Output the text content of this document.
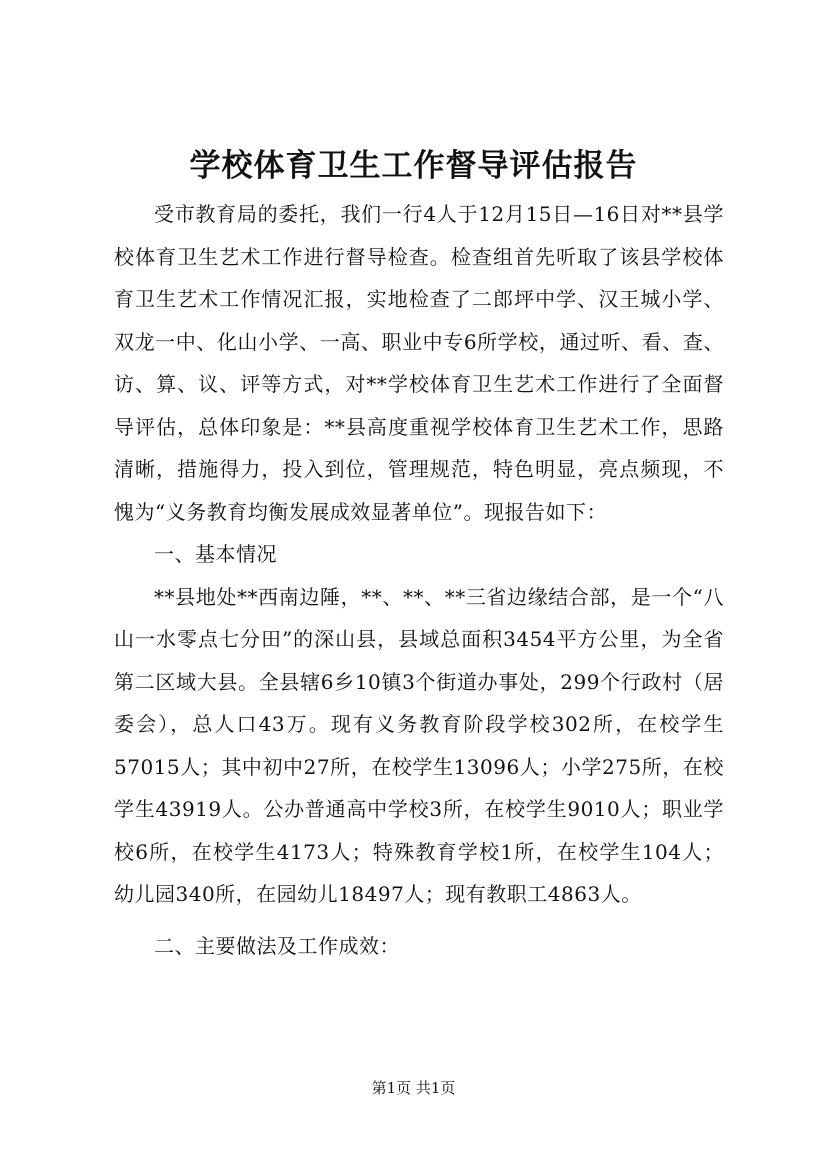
学校体育卫生工作督导评估报告

受市教育局的委托，我们一行4人于12月15日—16日对**县学校体育卫生艺术工作进行督导检查。检查组首先听取了该县学校体育卫生艺术工作情况汇报，实地检查了二郎坪中学、汉王城小学、双龙一中、化山小学、一高、职业中专6所学校，通过听、看、查、访、算、议、评等方式，对**学校体育卫生艺术工作进行了全面督导评估，总体印象是：**县高度重视学校体育卫生艺术工作，思路清晰，措施得力，投入到位，管理规范，特色明显，亮点频现，不愧为“义务教育均衡发展成效显著单位”。现报告如下：

一、基本情况

**县地处**西南边陲，**、**、**三省边缘结合部，是一个“八山一水零点七分田”的深山县，县域总面积3454平方公里，为全省第二区域大县。全县辖6乡10镇3个街道办事处，299个行政村（居委会），总人口43万。现有义务教育阶段学校302所，在校学生57015人；其中初中27所，在校学生13096人；小学275所，在校学生43919人。公办普通高中学校3所，在校学生9010人；职业学校6所，在校学生4173人；特殊教育学校1所，在校学生104人；幼儿园340所，在园幼儿18497人；现有教职工4863人。

二、主要做法及工作成效：

第1页 共1页
